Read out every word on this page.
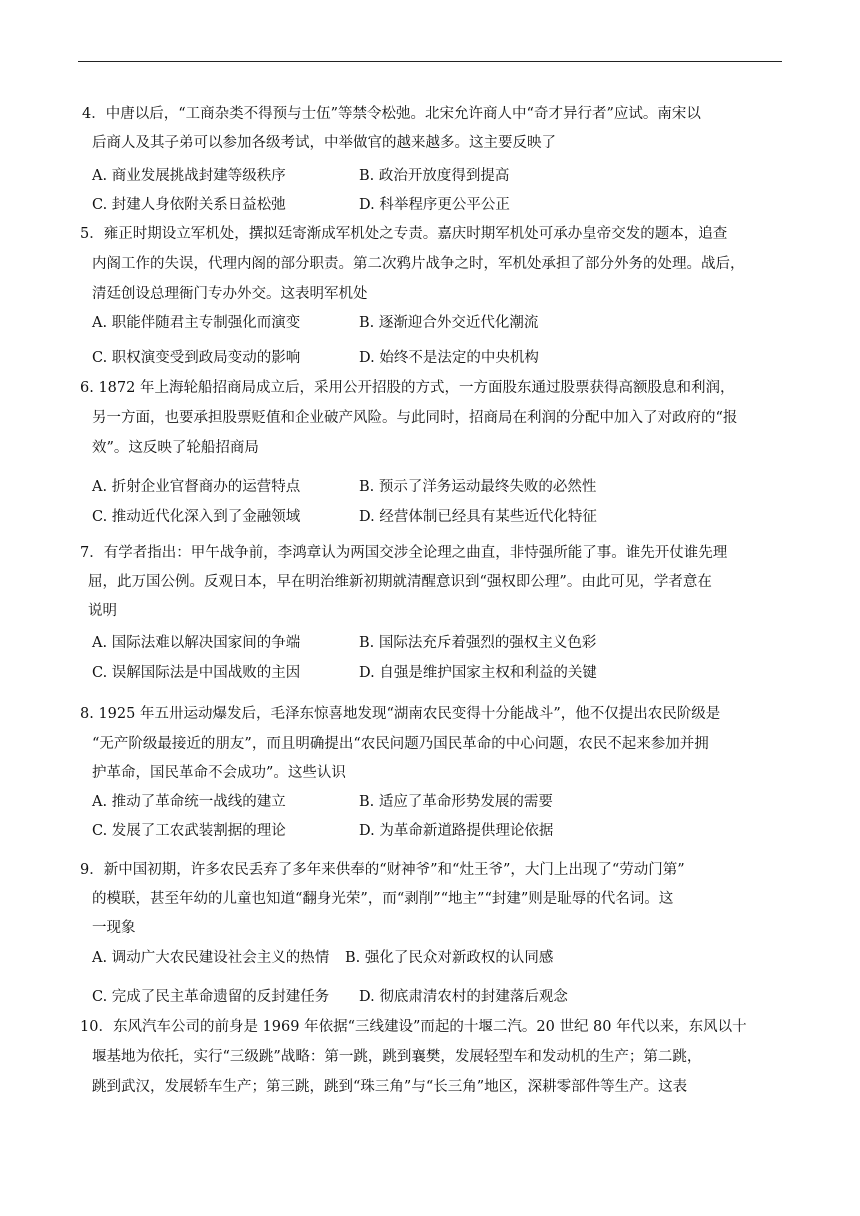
4．中唐以后，“工商杂类不得预与士伍”等禁令松弛。北宋允许商人中“奇才异行者”应试。南宋以
后商人及其子弟可以参加各级考试，中举做官的越来越多。这主要反映了
A. 商业发展挑战封建等级秩序	B. 政治开放度得到提高
C. 封建人身依附关系日益松弛	D. 科举程序更公平公正
5．雍正时期设立军机处，撰拟廷寄渐成军机处之专责。嘉庆时期军机处可承办皇帝交发的题本，追查
内阁工作的失误，代理内阁的部分职责。第二次鸦片战争之时，军机处承担了部分外务的处理。战后，
清廷创设总理衙门专办外交。这表明军机处
A. 职能伴随君主专制强化而演变	B. 逐渐迎合外交近代化潮流
C. 职权演变受到政局变动的影响	D. 始终不是法定的中央机构
6. 1872 年上海轮船招商局成立后，采用公开招股的方式，一方面股东通过股票获得高额股息和利润，
另一方面，也要承担股票贬值和企业破产风险。与此同时，招商局在利润的分配中加入了对政府的“报
效”。这反映了轮船招商局
A. 折射企业官督商办的运营特点	B. 预示了洋务运动最终失败的必然性
C. 推动近代化深入到了金融领域	D. 经营体制已经具有某些近代化特征
7．有学者指出：甲午战争前，李鸿章认为两国交涉全论理之曲直，非恃强所能了事。谁先开仗谁先理
屈，此万国公例。反观日本，早在明治维新初期就清醒意识到“强权即公理”。由此可见，学者意在
说明
A. 国际法难以解决国家间的争端	B. 国际法充斥着强烈的强权主义色彩
C. 误解国际法是中国战败的主因	D. 自强是维护国家主权和利益的关键
8. 1925 年五卅运动爆发后，毛泽东惊喜地发现“湖南农民变得十分能战斗”，他不仅提出农民阶级是
“无产阶级最接近的朋友”，而且明确提出“农民问题乃国民革命的中心问题，农民不起来参加并拥
护革命，国民革命不会成功”。这些认识
A. 推动了革命统一战线的建立	B. 适应了革命形势发展的需要
C. 发展了工农武装割据的理论	D. 为革命新道路提供理论依据
9．新中国初期，许多农民丢弃了多年来供奉的“财神爷”和“灶王爷”，大门上出现了“劳动门第”
的模联，甚至年幼的儿童也知道“翻身光荣”，而“剥削”“地主”“封建”则是耻辱的代名词。这
一现象
A. 调动广大农民建设社会主义的热情 B. 强化了民众对新政权的认同感
C. 完成了民主革命遗留的反封建任务 D. 彻底肃清农村的封建落后观念
10．东风汽车公司的前身是 1969 年依据“三线建设”而起的十堰二汽。20 世纪 80 年代以来，东风以十
堰基地为依托，实行“三级跳”战略：第一跳，跳到襄樊，发展轻型车和发动机的生产；第二跳，
跳到武汉，发展轿车生产；第三跳，跳到“珠三角”与“长三角”地区，深耕零部件等生产。这表
